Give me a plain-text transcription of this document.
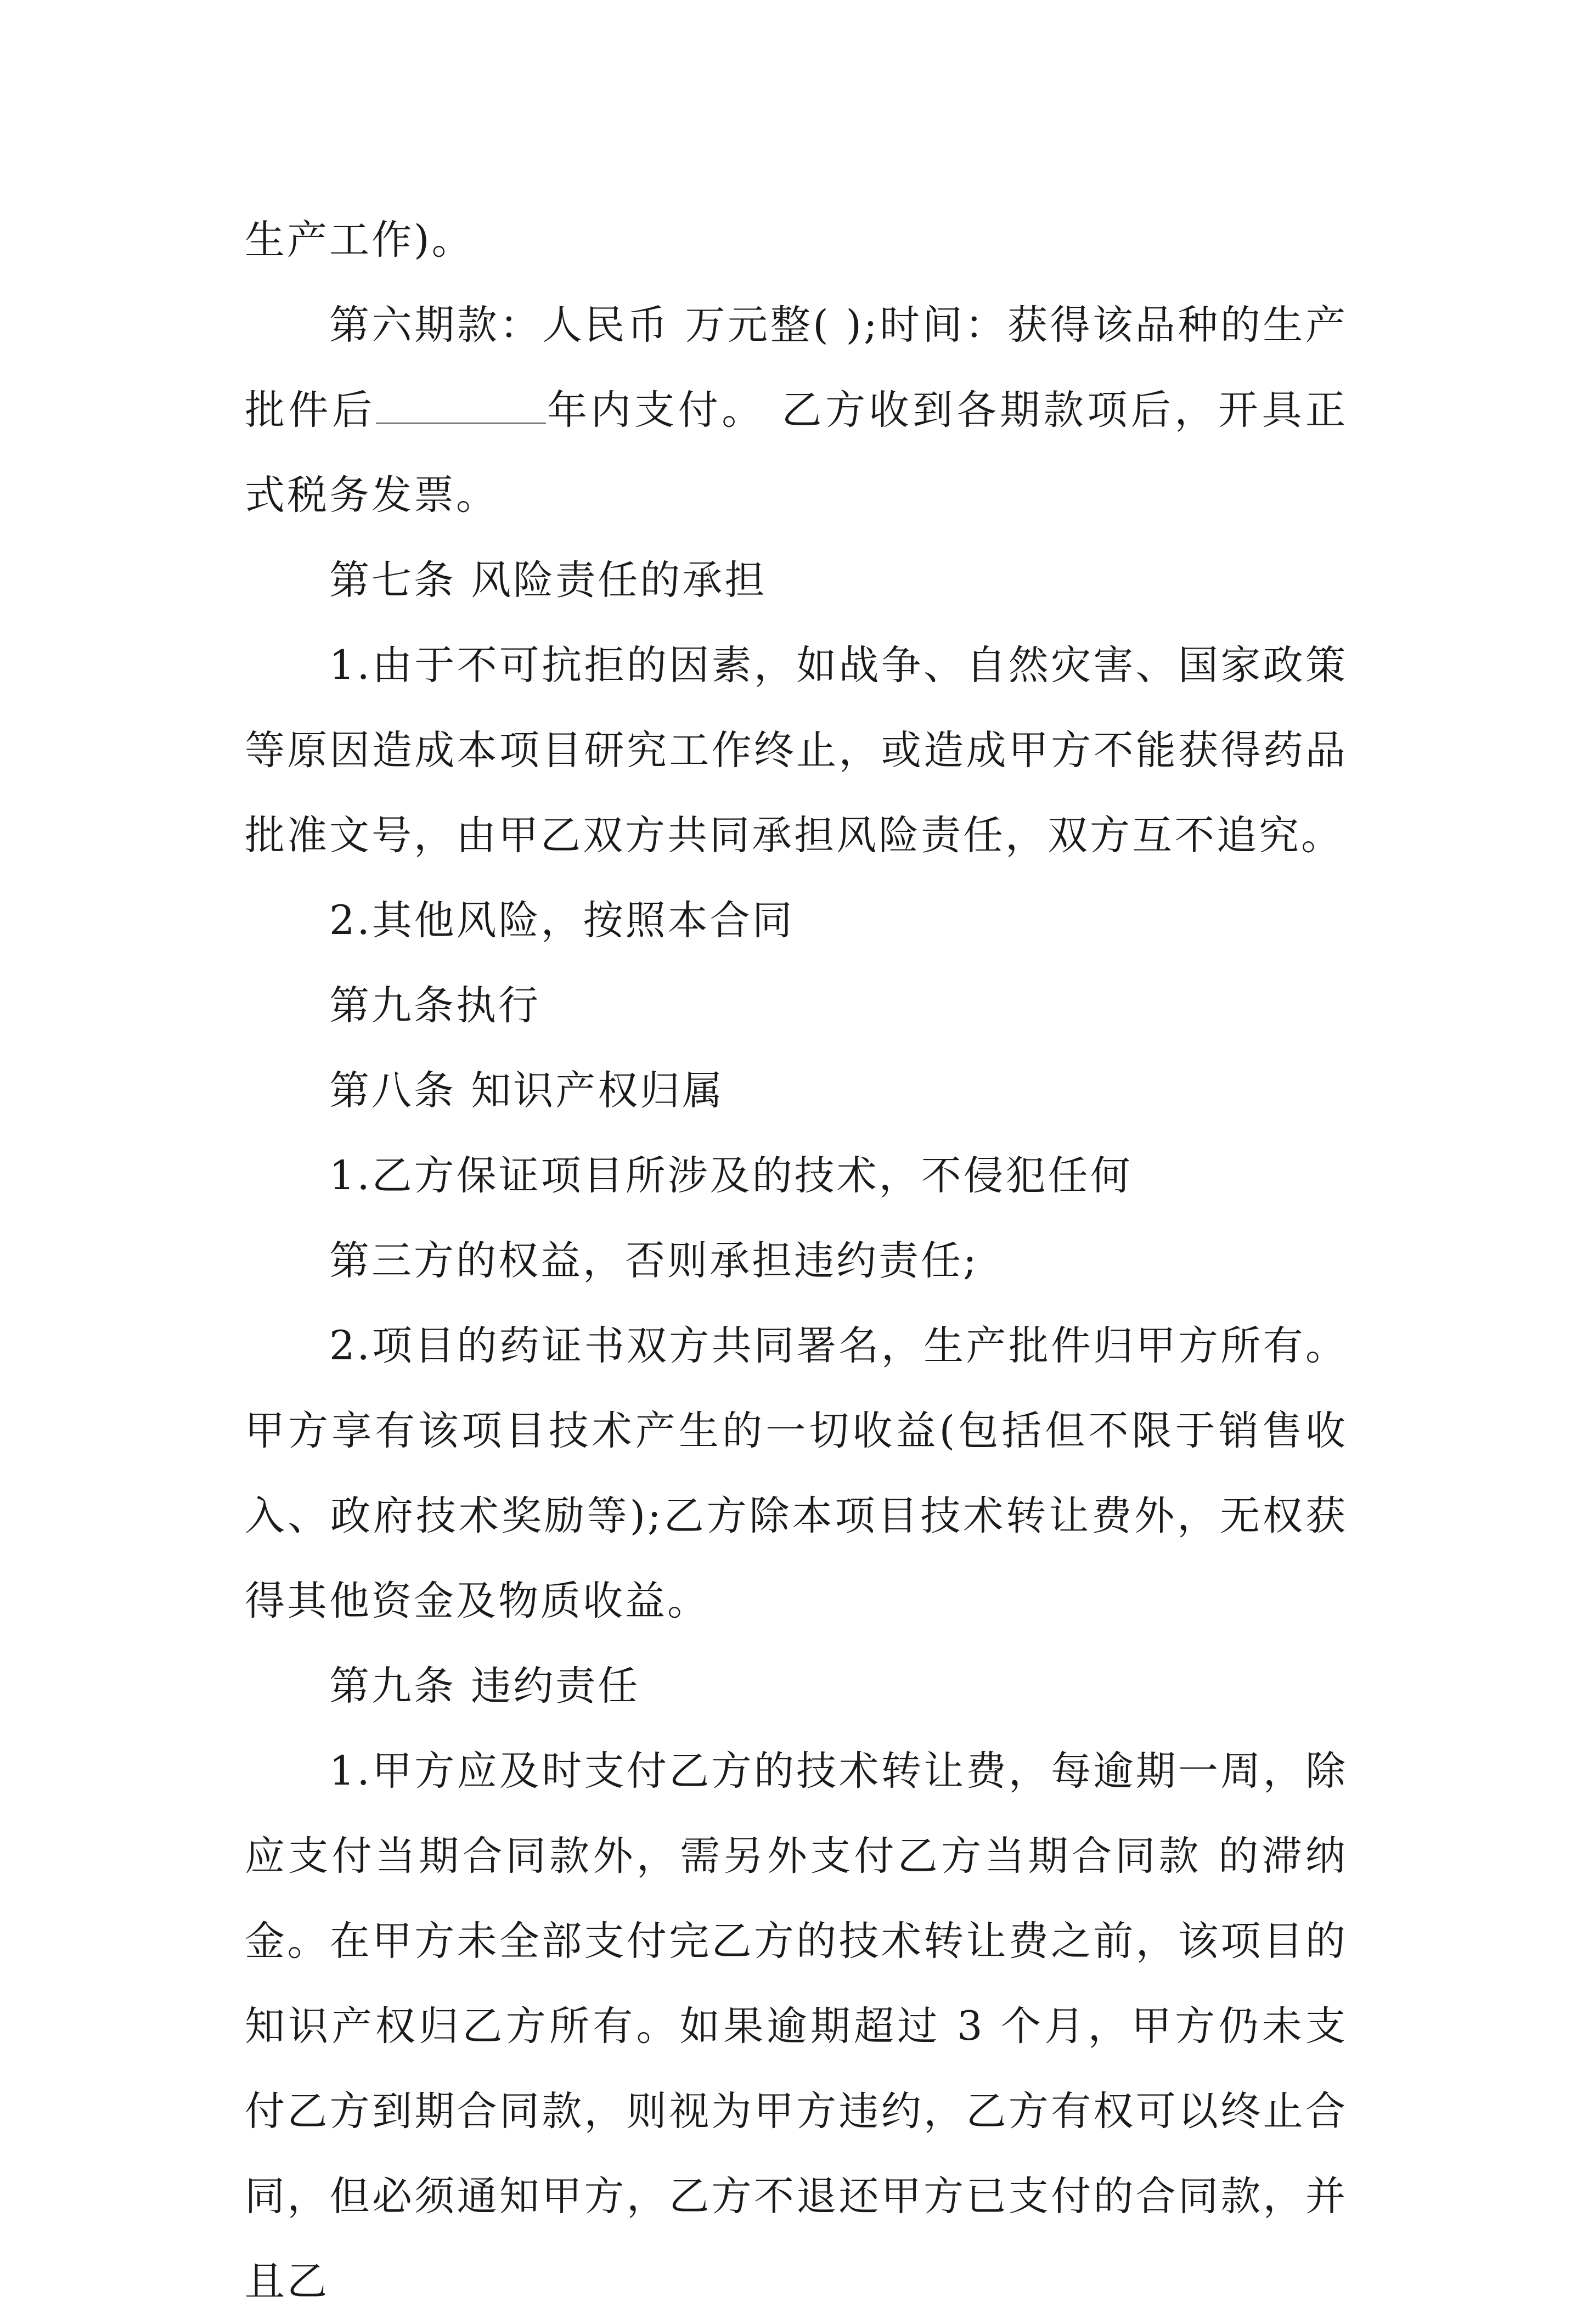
生产工作)。

第六期款：人民币 万元整( );时间：获得该品种的生产批件后	年内支付。 乙方收到各期款项后，开具正式税务发票。

第七条 风险责任的承担

1.由于不可抗拒的因素，如战争、自然灾害、国家政策等原因造成本项目研究工作终止，或造成甲方不能获得药品批准文号，由甲乙双方共同承担风险责任，双方互不追究。

2.其他风险，按照本合同

第九条执行

第八条 知识产权归属

1.乙方保证项目所涉及的技术，不侵犯任何

第三方的权益，否则承担违约责任;

2.项目的药证书双方共同署名，生产批件归甲方所有。甲方享有该项目技术产生的一切收益(包括但不限于销售收入、政府技术奖励等);乙方除本项目技术转让费外，无权获得其他资金及物质收益。

第九条 违约责任

1.甲方应及时支付乙方的技术转让费，每逾期一周，除应支付当期合同款外，需另外支付乙方当期合同款 的滞纳金。在甲方未全部支付完乙方的技术转让费之前，该项目的知识产权归乙方所有。如果逾期超过 3 个月，甲方仍未支付乙方到期合同款，则视为甲方违约，乙方有权可以终止合同，但必须通知甲方，乙方不退还甲方已支付的合同款，并且乙
